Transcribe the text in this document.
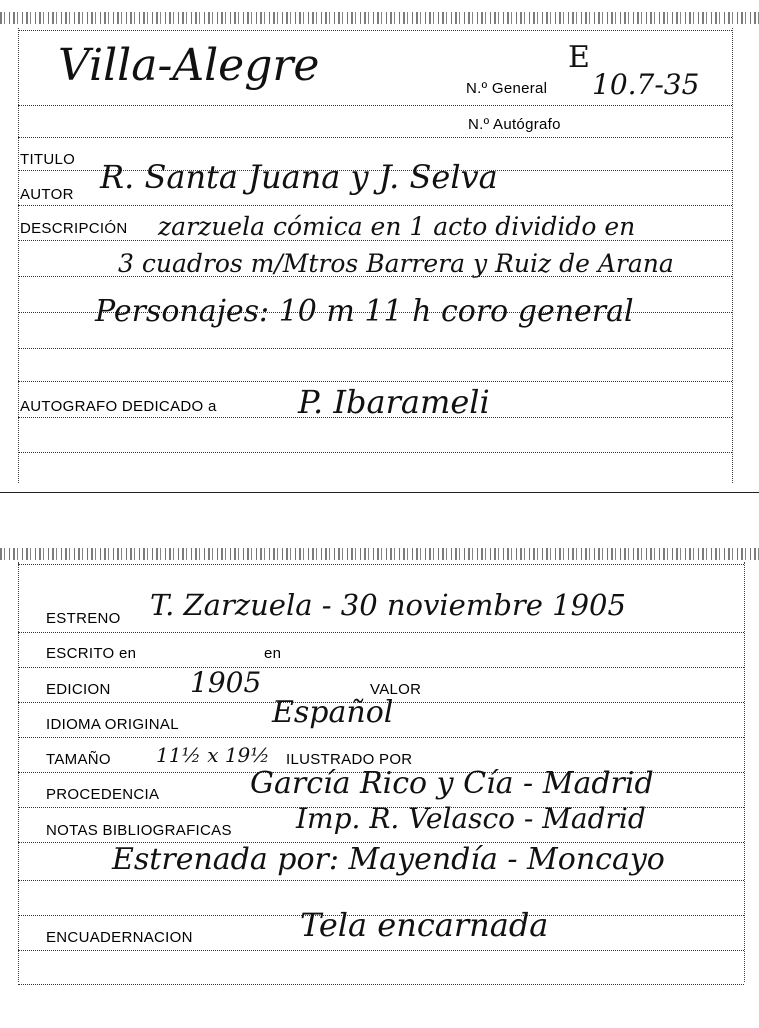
Villa-Alegre	E
N.º General 10.7-35
N.º Autógrafo
TITULO
AUTOR R. Santa Juana y J. Selva
DESCRIPCIÓN zarzuela cómica en 1 acto dividido en
3 cuadros m/Mtros Barrera y Ruiz de Arana
Personajes: 10 m 11 h coro general
AUTOGRAFO DEDICADO a	P. Ibarameli
ESTRENO T. Zarzuela - 30 noviembre 1905
ESCRITO en	en
EDICION	1905	VALOR
IDIOMA ORIGINAL	Español
TAMAÑO 11½ x 19½ ILUSTRADO POR
PROCEDENCIA	García Rico y Cía - Madrid
NOTAS BIBLIOGRAFICAS Imp. R. Velasco - Madrid
Estrenada por: Mayendía - Moncayo
ENCUADERNACION	Tela encarnada
